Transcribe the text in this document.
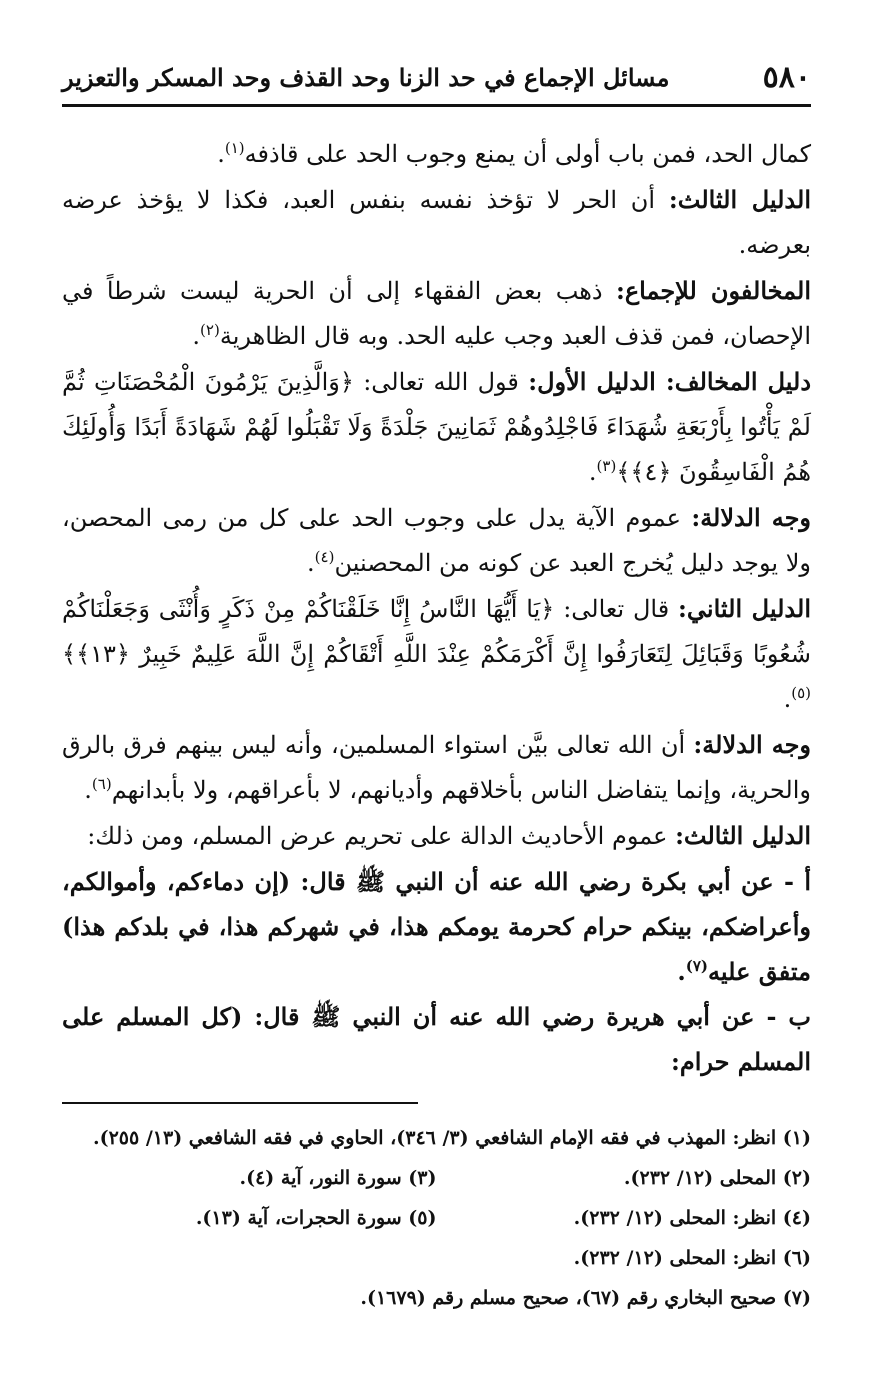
٥٨٠
مسائل الإجماع في حد الزنا وحد القذف وحد المسكر والتعزير

كمال الحد، فمن باب أولى أن يمنع وجوب الحد على قاذفه$^{(١)}$.

الدليل الثالث: أن الحر لا تؤخذ نفسه بنفس العبد، فكذا لا يؤخذ عرضه بعرضه.

المخالفون للإجماع: ذهب بعض الفقهاء إلى أن الحرية ليست شرطاً في الإحصان، فمن قذف العبد وجب عليه الحد. وبه قال الظاهرية$^{(٢)}$.

دليل المخالف: الدليل الأول: قول الله تعالى: ﴿وَالَّذِينَ يَرْمُونَ الْمُحْصَنَاتِ ثُمَّ لَمْ يَأْتُوا بِأَرْبَعَةِ شُهَدَاءَ فَاجْلِدُوهُمْ ثَمَانِينَ جَلْدَةً وَلَا تَقْبَلُوا لَهُمْ شَهَادَةً أَبَدًا وَأُولَئِكَ هُمُ الْفَاسِقُونَ ﴿٤﴾﴾$^{(٣)}$.

وجه الدلالة: عموم الآية يدل على وجوب الحد على كل من رمى المحصن، ولا يوجد دليل يُخرج العبد عن كونه من المحصنين$^{(٤)}$.

الدليل الثاني: قال تعالى: ﴿يَا أَيُّهَا النَّاسُ إِنَّا خَلَقْنَاكُمْ مِنْ ذَكَرٍ وَأُنْثَى وَجَعَلْنَاكُمْ شُعُوبًا وَقَبَائِلَ لِتَعَارَفُوا إِنَّ أَكْرَمَكُمْ عِنْدَ اللَّهِ أَتْقَاكُمْ إِنَّ اللَّهَ عَلِيمٌ خَبِيرٌ ﴿١٣﴾﴾$^{(٥)}$.

وجه الدلالة: أن الله تعالى بيَّن استواء المسلمين، وأنه ليس بينهم فرق بالرق والحرية، وإنما يتفاضل الناس بأخلاقهم وأديانهم، لا بأعراقهم، ولا بأبدانهم$^{(٦)}$.

الدليل الثالث: عموم الأحاديث الدالة على تحريم عرض المسلم، ومن ذلك:

أ - عن أبي بكرة رضي الله عنه أن النبي ﷺ قال: (إن دماءكم، وأموالكم، وأعراضكم، بينكم حرام كحرمة يومكم هذا، في شهركم هذا، في بلدكم هذا) متفق عليه$^{(٧)}$.

ب - عن أبي هريرة رضي الله عنه أن النبي ﷺ قال: (كل المسلم على المسلم حرام:

(١) انظر: المهذب في فقه الإمام الشافعي (٣/ ٣٤٦)، الحاوي في فقه الشافعي (١٣/ ٢٥٥).
(٢) المحلى (١٢/ ٢٣٢).
(٣) سورة النور، آية (٤).
(٤) انظر: المحلى (١٢/ ٢٣٢).
(٥) سورة الحجرات، آية (١٣).
(٦) انظر: المحلى (١٢/ ٢٣٢).
(٧) صحيح البخاري رقم (٦٧)، صحيح مسلم رقم (١٦٧٩).
